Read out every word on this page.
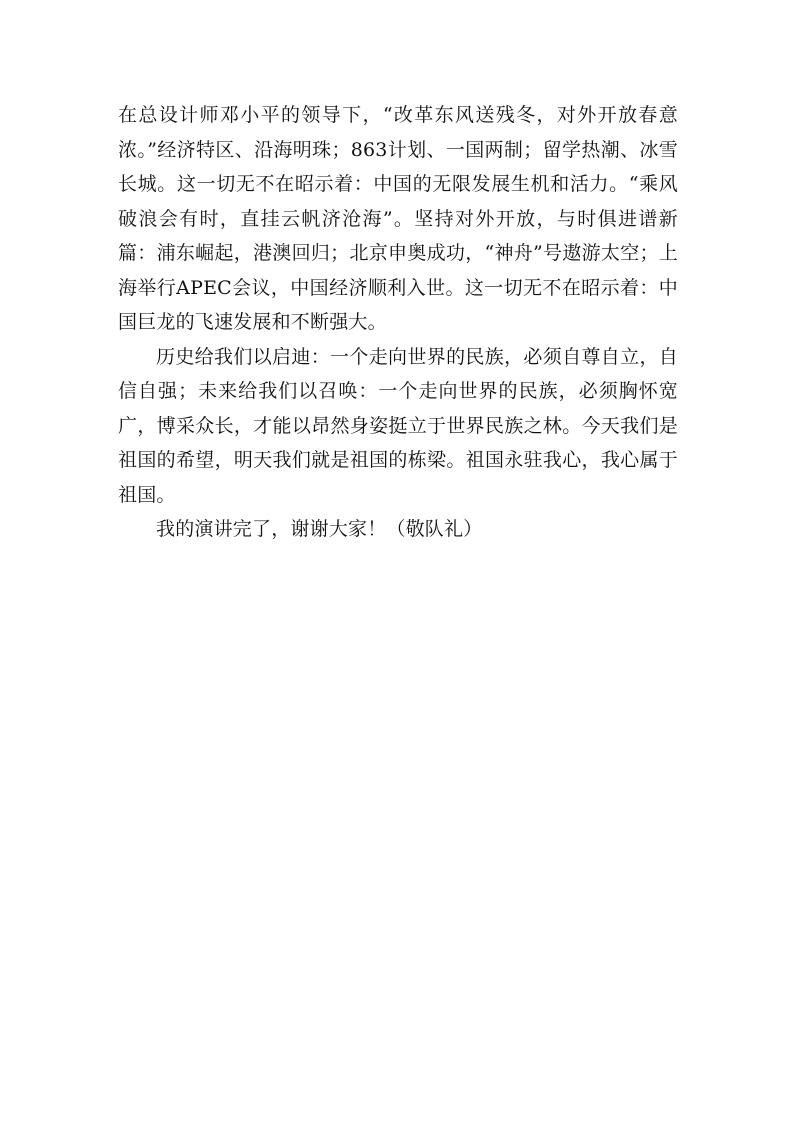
在总设计师邓小平的领导下，“改革东风送残冬，对外开放春意浓。”经济特区、沿海明珠；863计划、一国两制；留学热潮、冰雪长城。这一切无不在昭示着：中国的无限发展生机和活力。“乘风破浪会有时，直挂云帆济沧海”。坚持对外开放，与时俱进谱新篇：浦东崛起，港澳回归；北京申奥成功，“神舟”号遨游太空；上海举行APEC会议，中国经济顺利入世。这一切无不在昭示着：中国巨龙的飞速发展和不断强大。

历史给我们以启迪：一个走向世界的民族，必须自尊自立，自信自强；未来给我们以召唤：一个走向世界的民族，必须胸怀宽广，博采众长，才能以昂然身姿挺立于世界民族之林。今天我们是祖国的希望，明天我们就是祖国的栋梁。祖国永驻我心，我心属于祖国。

我的演讲完了，谢谢大家！（敬队礼）
